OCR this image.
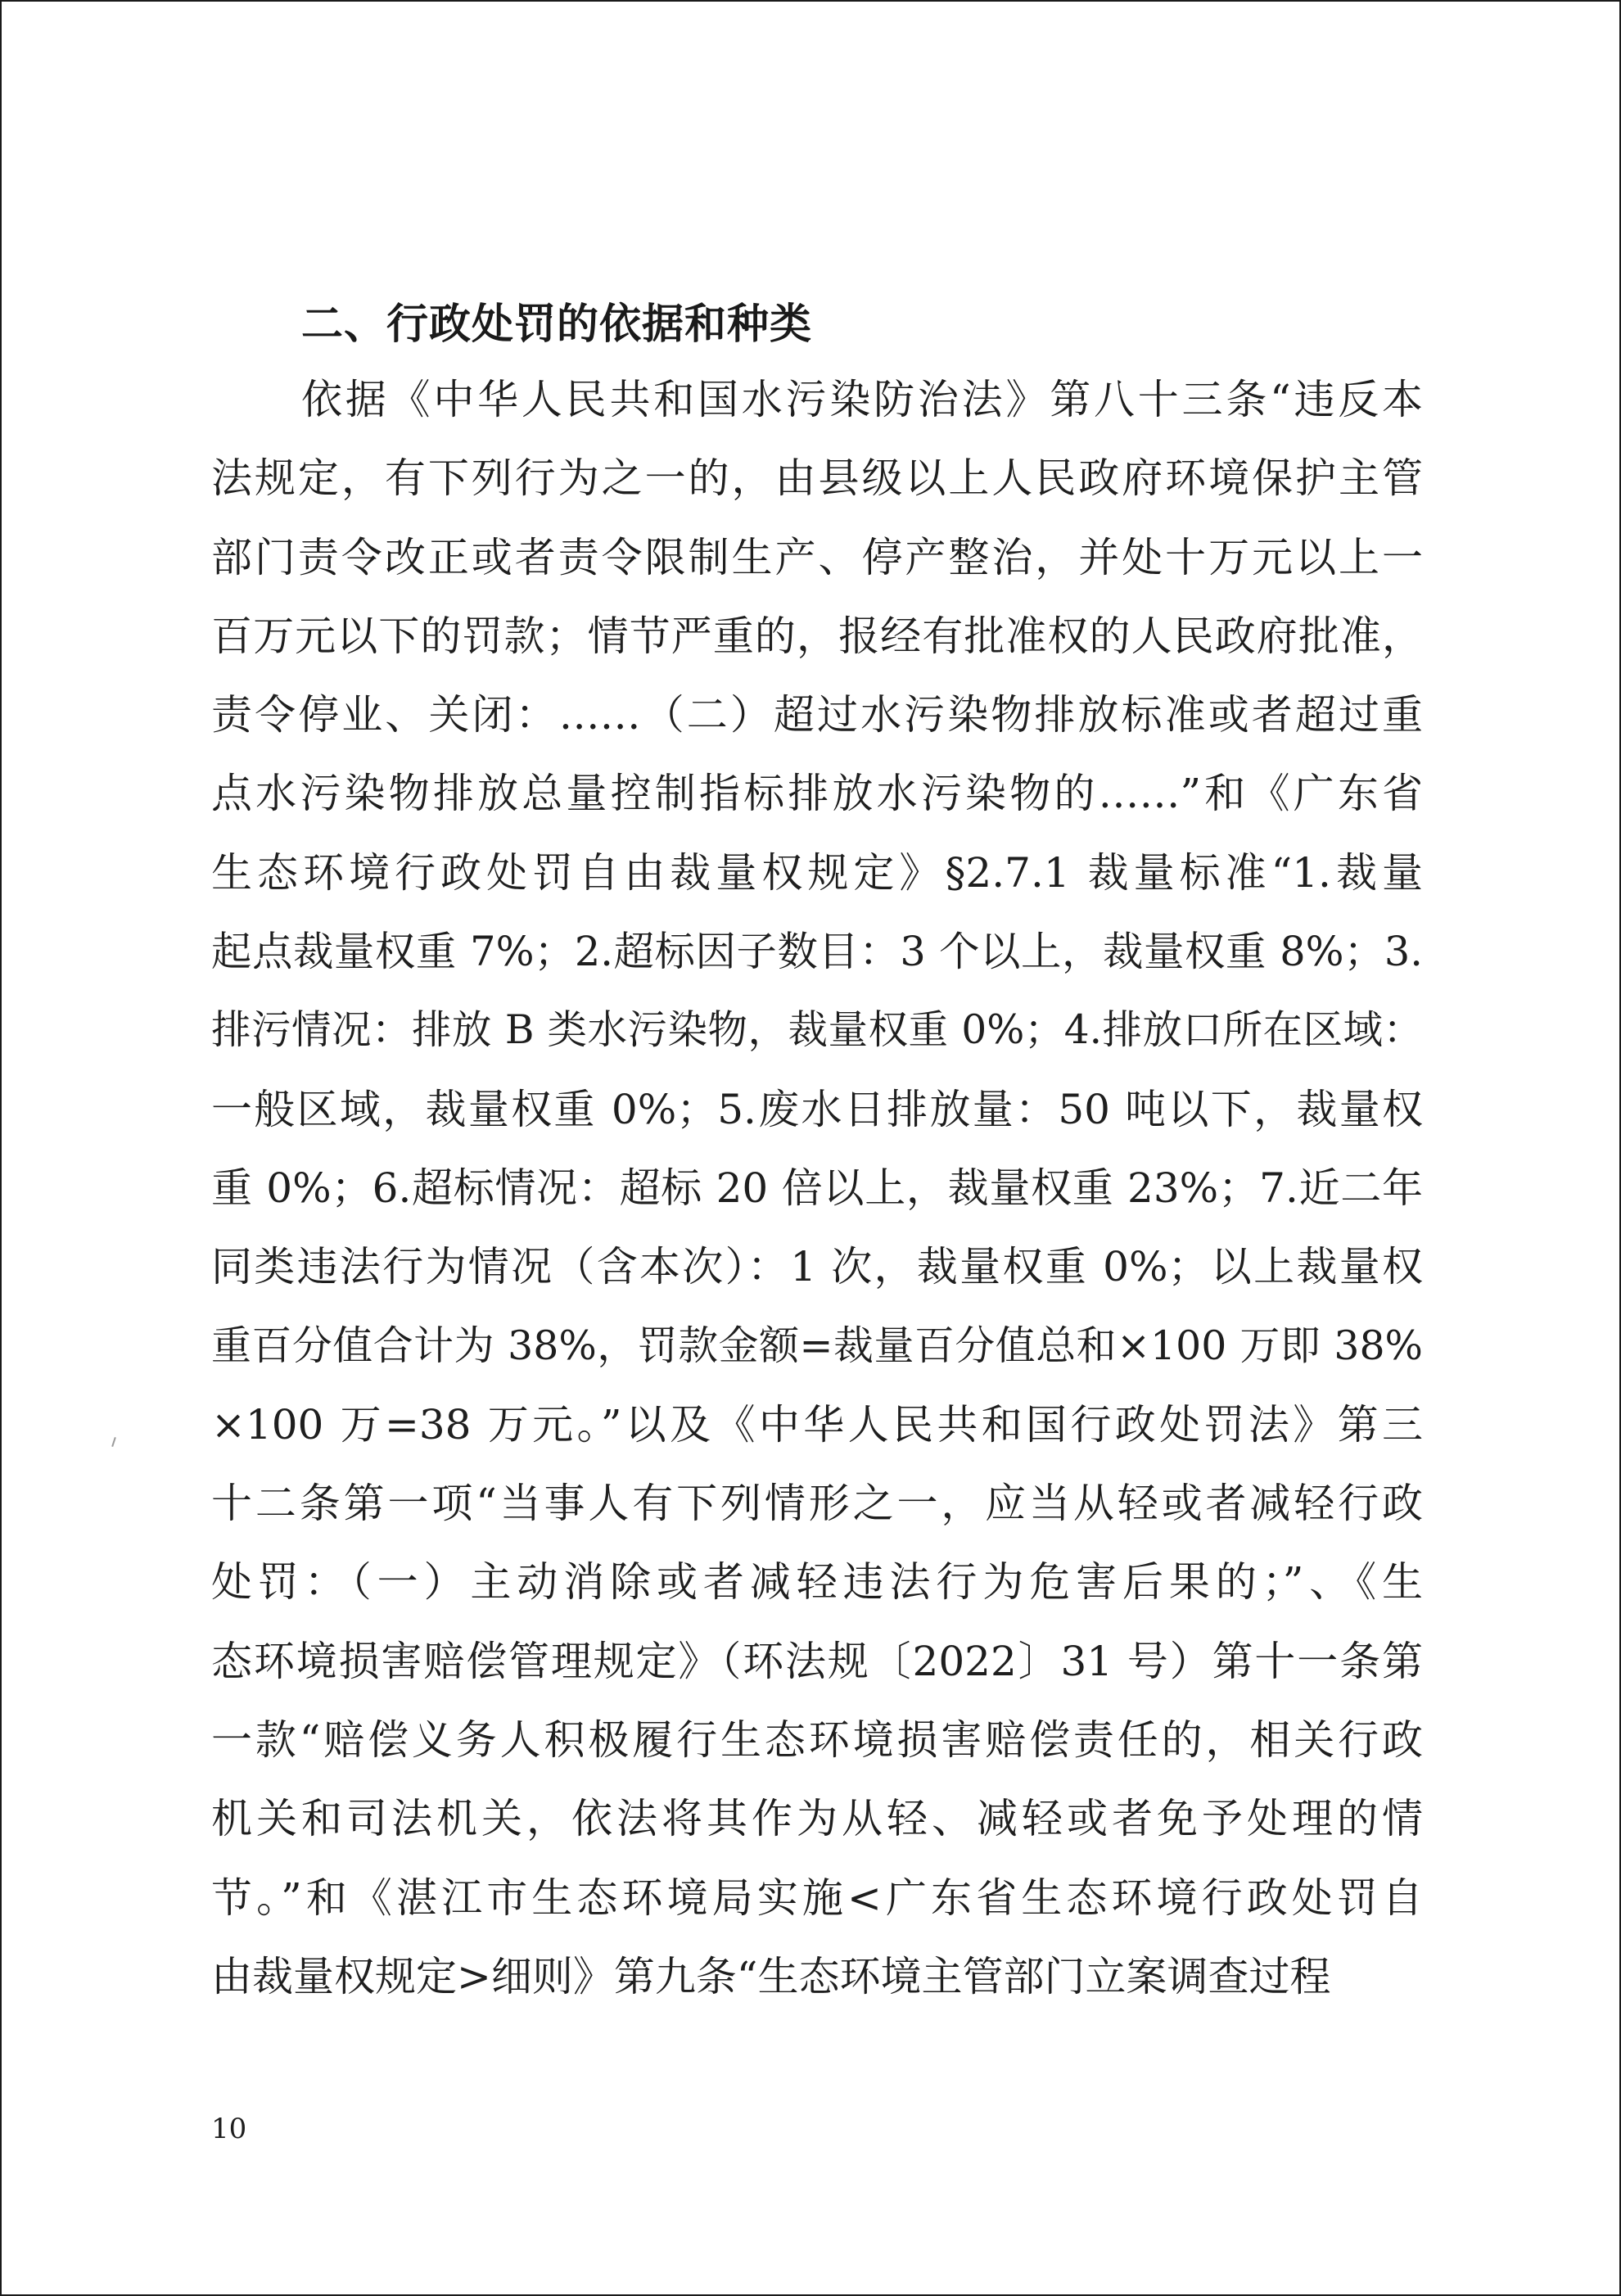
二、行政处罚的依据和种类
依据《中华人民共和国水污染防治法》第八十三条“违反本
法规定，有下列行为之一的，由县级以上人民政府环境保护主管
部门责令改正或者责令限制生产、停产整治，并处十万元以上一
百万元以下的罚款；情节严重的，报经有批准权的人民政府批准，
责令停业、关闭：……（二）超过水污染物排放标准或者超过重
点水污染物排放总量控制指标排放水污染物的……”和《广东省
生态环境行政处罚自由裁量权规定》§2.7.1 裁量标准“1.裁量
起点裁量权重 7%；2.超标因子数目：3 个以上，裁量权重 8%；3.
排污情况：排放 B 类水污染物，裁量权重 0%；4.排放口所在区域：
一般区域，裁量权重 0%；5.废水日排放量：50 吨以下，裁量权
重 0%；6.超标情况：超标 20 倍以上，裁量权重 23%；7.近二年
同类违法行为情况（含本次）：1 次，裁量权重 0%；以上裁量权
重百分值合计为 38%，罚款金额=裁量百分值总和×100 万即 38%
×100 万=38 万元。”以及《中华人民共和国行政处罚法》第三
十二条第一项“当事人有下列情形之一，应当从轻或者减轻行政
处罚：（一）主动消除或者减轻违法行为危害后果的；”、《生
态环境损害赔偿管理规定》（环法规〔2022〕31 号）第十一条第
一款“赔偿义务人积极履行生态环境损害赔偿责任的，相关行政
机关和司法机关，依法将其作为从轻、减轻或者免予处理的情
节。”和《湛江市生态环境局实施<广东省生态环境行政处罚自
由裁量权规定>细则》第九条“生态环境主管部门立案调查过程
10
